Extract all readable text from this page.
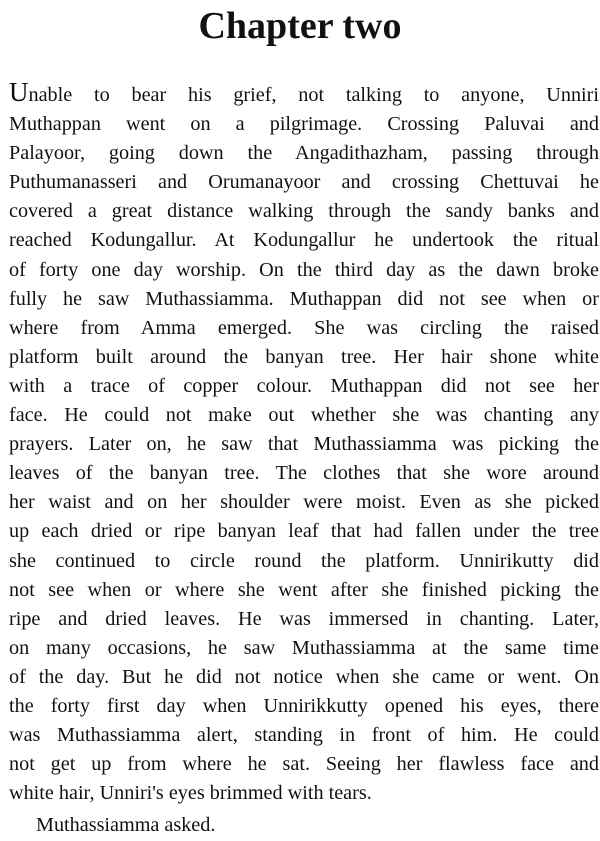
Chapter two
Unable to bear his grief, not talking to anyone, Unniri
Muthappan went on a pilgrimage. Crossing Paluvai and
Palayoor, going down the Angadithazham, passing through
Puthumanasseri and Orumanayoor and crossing Chettuvai he
covered a great distance walking through the sandy banks and
reached Kodungallur. At Kodungallur he undertook the ritual
of forty one day worship. On the third day as the dawn broke
fully he saw Muthassiamma. Muthappan did not see when or
where from Amma emerged. She was circling the raised
platform built around the banyan tree. Her hair shone white
with a trace of copper colour. Muthappan did not see her
face. He could not make out whether she was chanting any
prayers. Later on, he saw that Muthassiamma was picking the
leaves of the banyan tree. The clothes that she wore around
her waist and on her shoulder were moist. Even as she picked
up each dried or ripe banyan leaf that had fallen under the tree
she continued to circle round the platform. Unnirikutty did
not see when or where she went after she finished picking the
ripe and dried leaves. He was immersed in chanting. Later,
on many occasions, he saw Muthassiamma at the same time
of the day. But he did not notice when she came or went. On
the forty first day when Unnirikkutty opened his eyes, there
was Muthassiamma alert, standing in front of him. He could
not get up from where he sat. Seeing her flawless face and
white hair, Unniri's eyes brimmed with tears.

Muthassiamma asked.
